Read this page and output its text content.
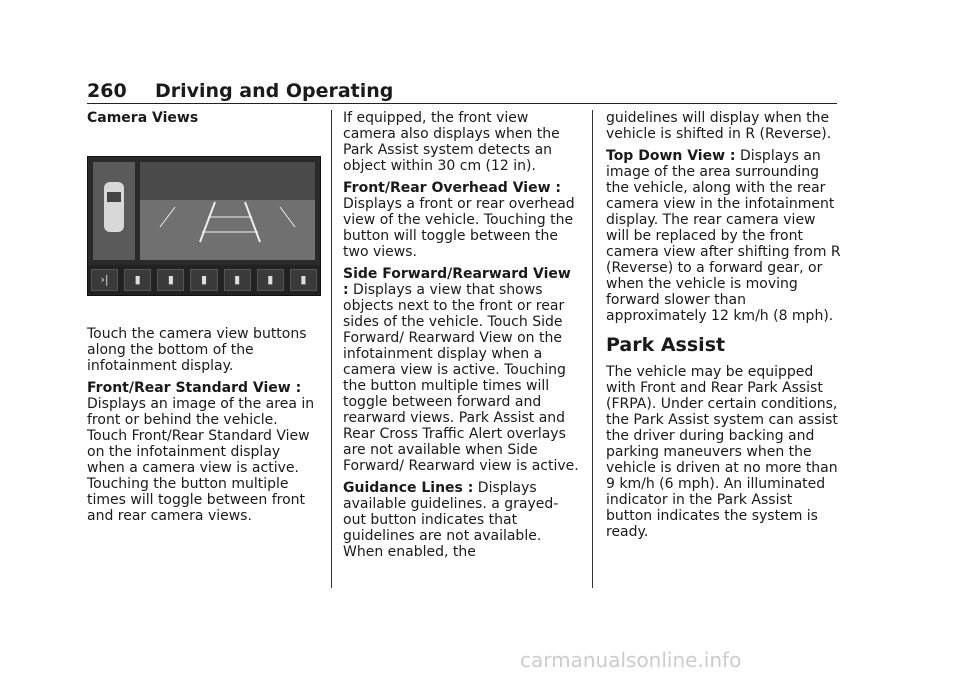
260 Driving and Operating
Camera Views
›|	▮	▮	▮	▮	▮	▮

Touch the camera view buttons along the bottom of the infotainment display.

Front/Rear Standard View : Displays an image of the area in front or behind the vehicle. Touch Front/Rear Standard View on the infotainment display when a camera view is active. Touching the button multiple times will toggle between front and rear camera views.

If equipped, the front view camera also displays when the Park Assist system detects an object within 30 cm (12 in).

Front/Rear Overhead View : Displays a front or rear overhead view of the vehicle. Touching the button will toggle between the two views.

Side Forward/Rearward View : Displays a view that shows objects next to the front or rear sides of the vehicle. Touch Side Forward/ Rearward View on the infotainment display when a camera view is active. Touching the button multiple times will toggle between forward and rearward views. Park Assist and Rear Cross Traffic Alert overlays are not available when Side Forward/ Rearward view is active.

Guidance Lines : Displays available guidelines. a grayed-out button indicates that guidelines are not available. When enabled, the

guidelines will display when the vehicle is shifted in R (Reverse).

Top Down View : Displays an image of the area surrounding the vehicle, along with the rear camera view in the infotainment display. The rear camera view will be replaced by the front camera view after shifting from R (Reverse) to a forward gear, or when the vehicle is moving forward slower than approximately 12 km/h (8 mph).

Park Assist

The vehicle may be equipped with Front and Rear Park Assist (FRPA). Under certain conditions, the Park Assist system can assist the driver during backing and parking maneuvers when the vehicle is driven at no more than 9 km/h (6 mph). An illuminated indicator in the Park Assist button indicates the system is ready.

carmanualsonline.info
